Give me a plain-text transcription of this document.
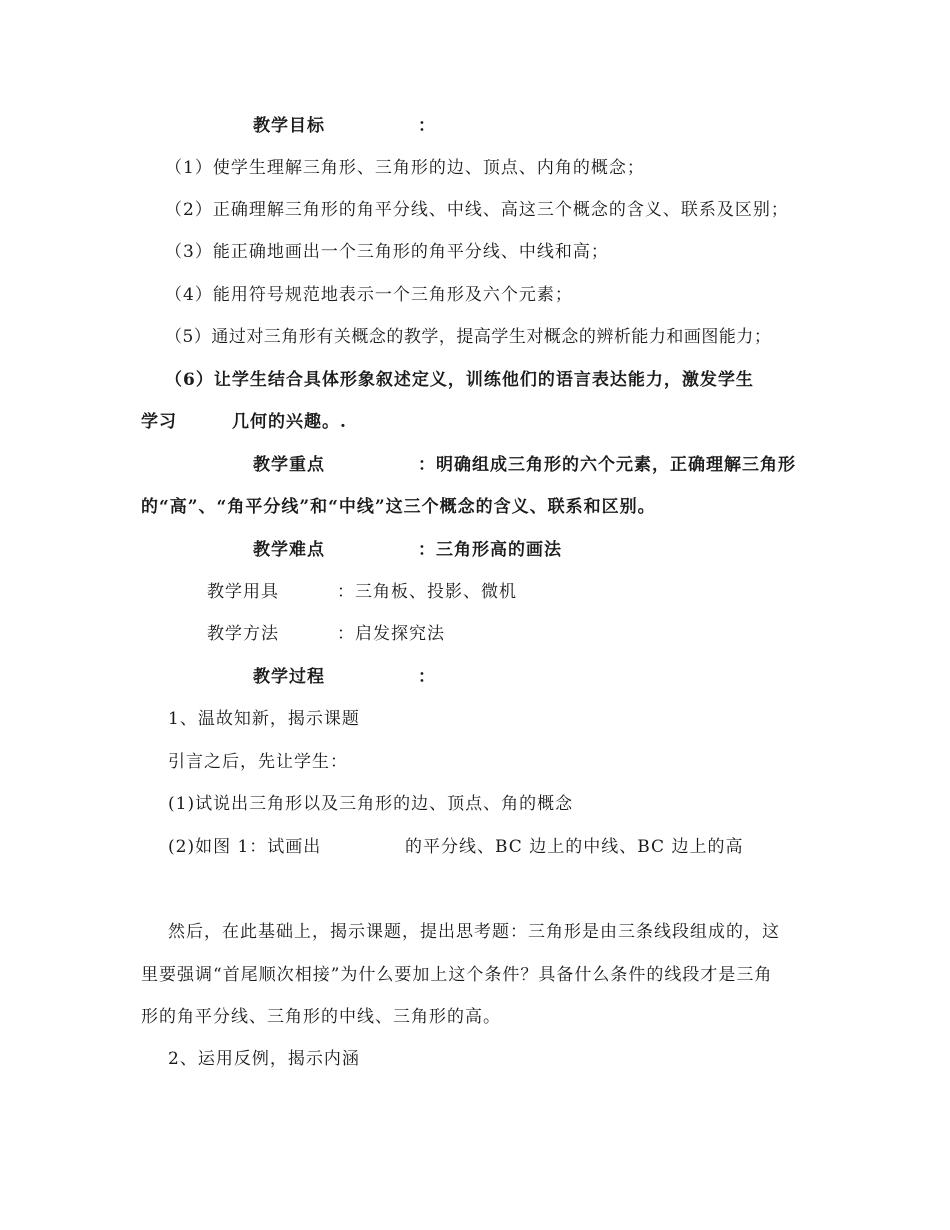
教学目标	：
（1）使学生理解三角形、三角形的边、顶点、内角的概念；
（2）正确理解三角形的角平分线、中线、高这三个概念的含义、联系及区别；
（3）能正确地画出一个三角形的角平分线、中线和高；
（4）能用符号规范地表示一个三角形及六个元素；
（5）通过对三角形有关概念的教学，提高学生对概念的辨析能力和画图能力；
（6）让学生结合具体形象叙述定义，训练他们的语言表达能力，激发学生
学习	几何的兴趣。.
教学重点	：明确组成三角形的六个元素，正确理解三角形
的“高”、“角平分线”和“中线”这三个概念的含义、联系和区别。
教学难点	：三角形高的画法
教学用具	：三角板、投影、微机
教学方法	：启发探究法
教学过程	：
1、温故知新，揭示课题
引言之后，先让学生：
(1)试说出三角形以及三角形的边、顶点、角的概念
(2)如图 1：试画出	的平分线、BC 边上的中线、BC 边上的高
然后，在此基础上，揭示课题，提出思考题：三角形是由三条线段组成的，这
里要强调“首尾顺次相接”为什么要加上这个条件？具备什么条件的线段才是三角
形的角平分线、三角形的中线、三角形的高。
2、运用反例，揭示内涵
